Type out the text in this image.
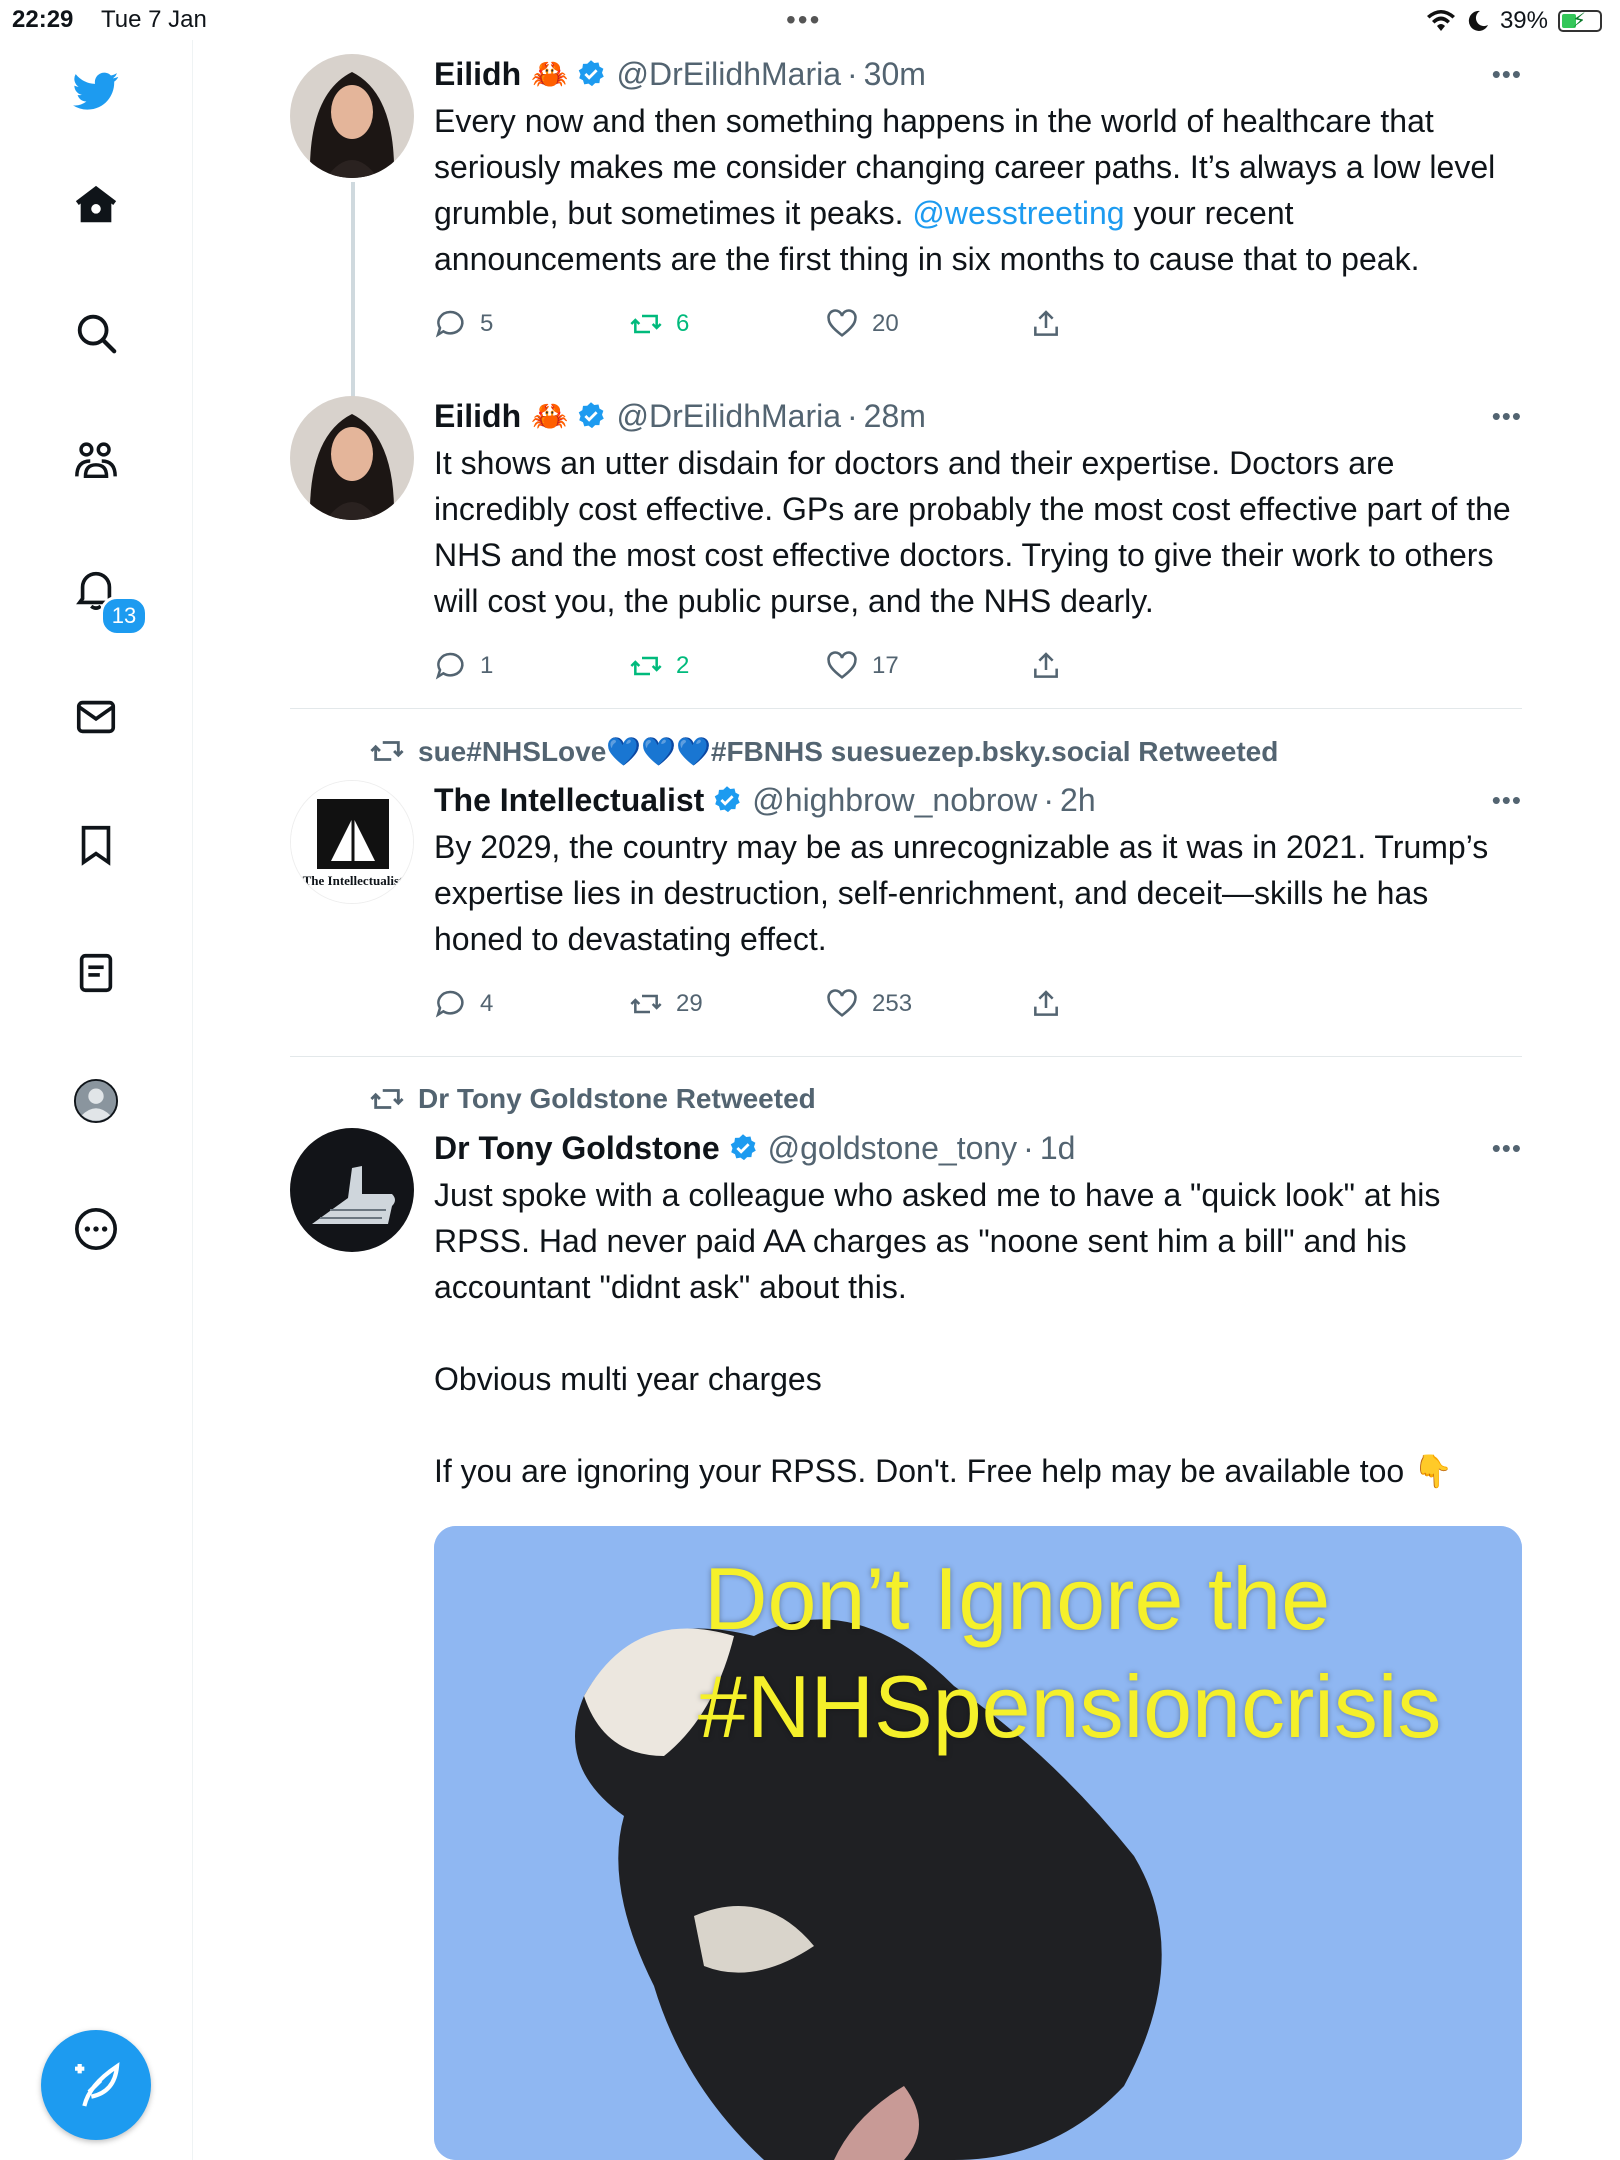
22:29 Tue 7 Jan	•••	39% ⚡
13
Eilidh 🦀 @DrEilidhMaria · 30m	•••
Every now and then something happens in the world of healthcare that seriously makes me consider changing career paths. It’s always a low level grumble, but sometimes it peaks. @wesstreeting your recent announcements are the first thing in six months to cause that to peak.
5	6	20
Eilidh 🦀 @DrEilidhMaria · 28m	•••
It shows an utter disdain for doctors and their expertise. Doctors are incredibly cost effective. GPs are probably the most cost effective part of the NHS and the most cost effective doctors. Trying to give their work to others will cost you, the public purse, and the NHS dearly.
1	2	17
sue#NHSLove💙💙💙#FBNHS suesuezep.bsky.social Retweeted
The Intellectualist
The Intellectualist @highbrow_nobrow · 2h	•••
By 2029, the country may be as unrecognizable as it was in 2021. Trump’s expertise lies in destruction, self-enrichment, and deceit—skills he has honed to devastating effect.
4	29	253
Dr Tony Goldstone Retweeted
Dr Tony Goldstone @goldstone_tony · 1d	•••

Just spoke with a colleague who asked me to have a "quick look" at his RPSS. Had never paid AA charges as "noone sent him a bill" and his accountant "didnt ask" about this.

Obvious multi year charges

If you are ignoring your RPSS. Don't. Free help may be available too 👇

Don’t Ignore the
#NHSpensioncrisis
